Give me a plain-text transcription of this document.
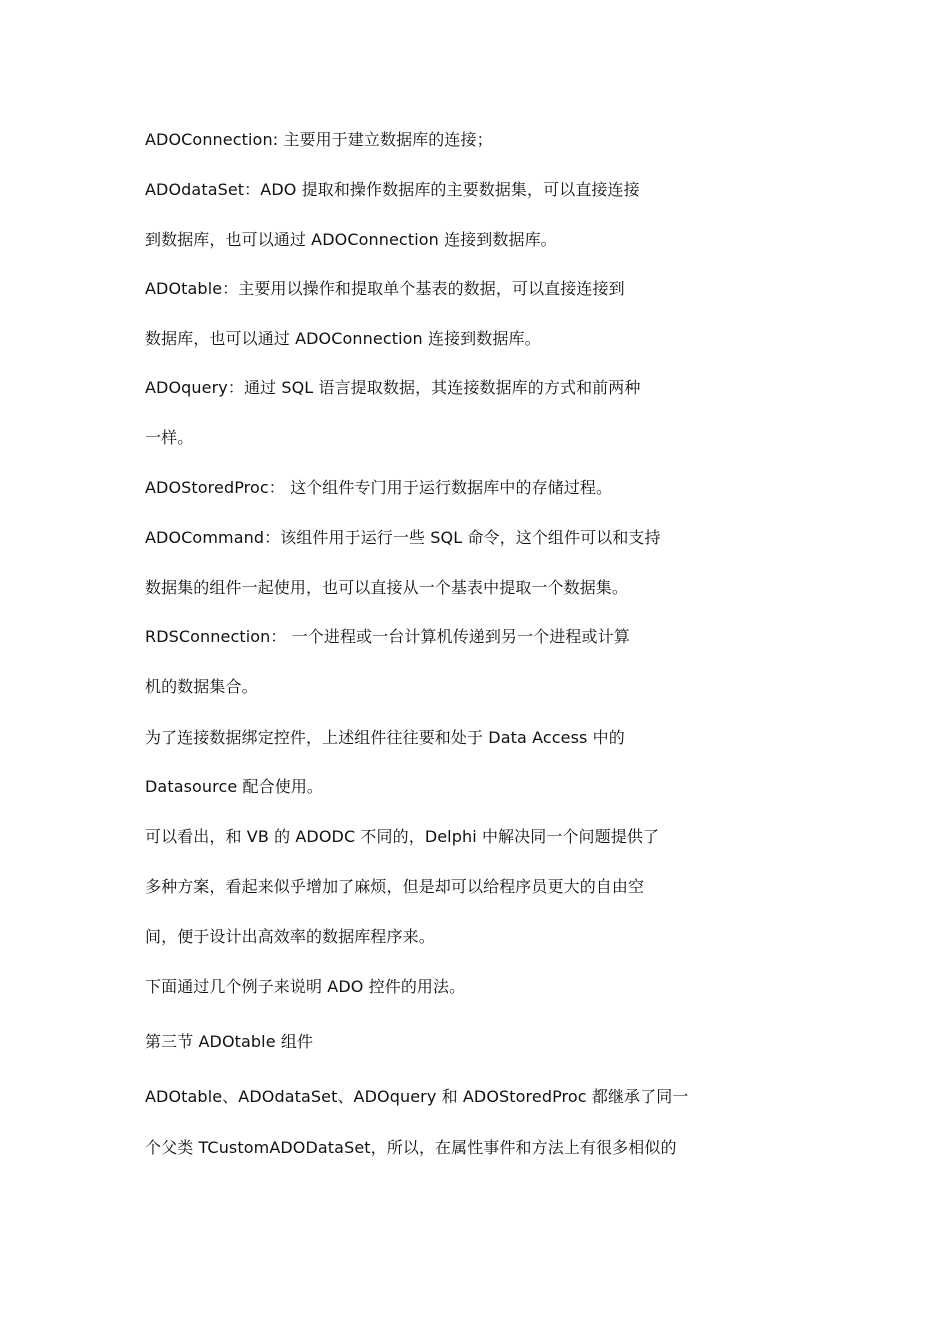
ADOConnection: 主要用于建立数据库的连接；
ADOdataSet：ADO 提取和操作数据库的主要数据集，可以直接连接
到数据库，也可以通过 ADOConnection 连接到数据库。
ADOtable：主要用以操作和提取单个基表的数据，可以直接连接到
数据库，也可以通过 ADOConnection 连接到数据库。
ADOquery：通过 SQL 语言提取数据，其连接数据库的方式和前两种
一样。
ADOStoredProc： 这个组件专门用于运行数据库中的存储过程。
ADOCommand：该组件用于运行一些 SQL 命令，这个组件可以和支持
数据集的组件一起使用，也可以直接从一个基表中提取一个数据集。
RDSConnection： 一个进程或一台计算机传递到另一个进程或计算
机的数据集合。
为了连接数据绑定控件，上述组件往往要和处于 Data Access 中的
Datasource 配合使用。
可以看出，和 VB 的 ADODC 不同的，Delphi 中解决同一个问题提供了
多种方案，看起来似乎增加了麻烦，但是却可以给程序员更大的自由空
间，便于设计出高效率的数据库程序来。
下面通过几个例子来说明 ADO 控件的用法。
第三节 ADOtable 组件
ADOtable、ADOdataSet、ADOquery 和 ADOStoredProc 都继承了同一
个父类 TCustomADODataSet，所以，在属性事件和方法上有很多相似的
